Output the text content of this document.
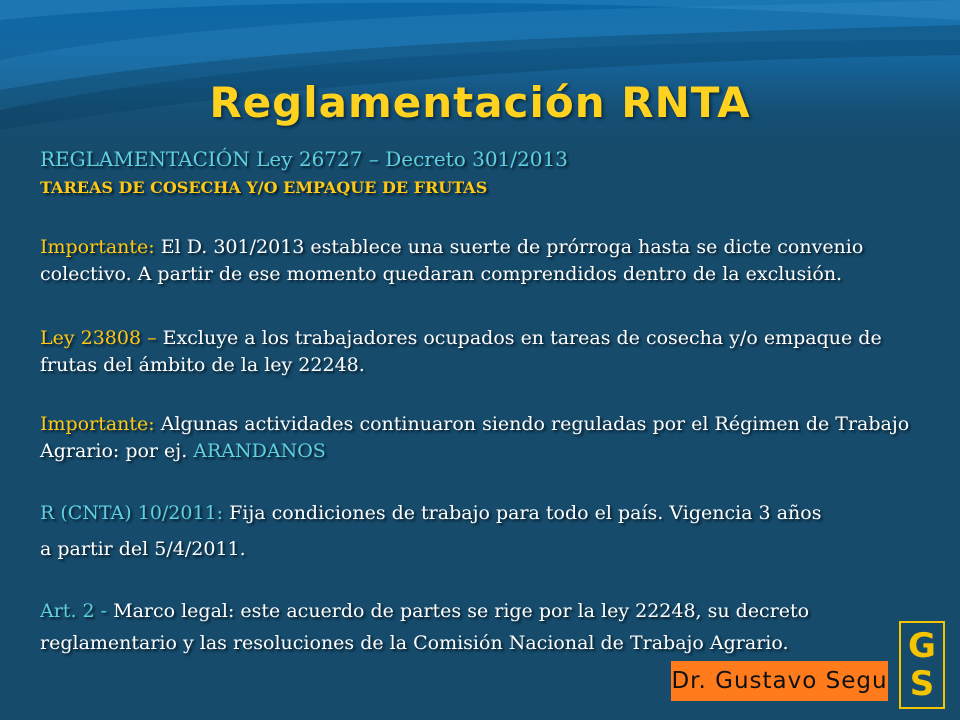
Reglamentación RNTA
REGLAMENTACIÓN Ley 26727 – Decreto 301/2013
TAREAS DE COSECHA Y/O EMPAQUE DE FRUTAS

Importante: El D. 301/2013 establece una suerte de prórroga hasta se dicte convenio colectivo. A partir de ese momento quedaran comprendidos dentro de la exclusión.

Ley 23808 – Excluye a los trabajadores ocupados en tareas de cosecha y/o empaque de frutas del ámbito de la ley 22248.

Importante: Algunas actividades continuaron siendo reguladas por el Régimen de Trabajo Agrario: por ej. ARANDANOS

R (CNTA) 10/2011: Fija condiciones de trabajo para todo el país. Vigencia 3 años

a partir del 5/4/2011.

Art. 2 - Marco legal: este acuerdo de partes se rige por la ley 22248, su decreto reglamentario y las resoluciones de la Comisión Nacional de Trabajo Agrario.

Dr. Gustavo Segu
G
S
